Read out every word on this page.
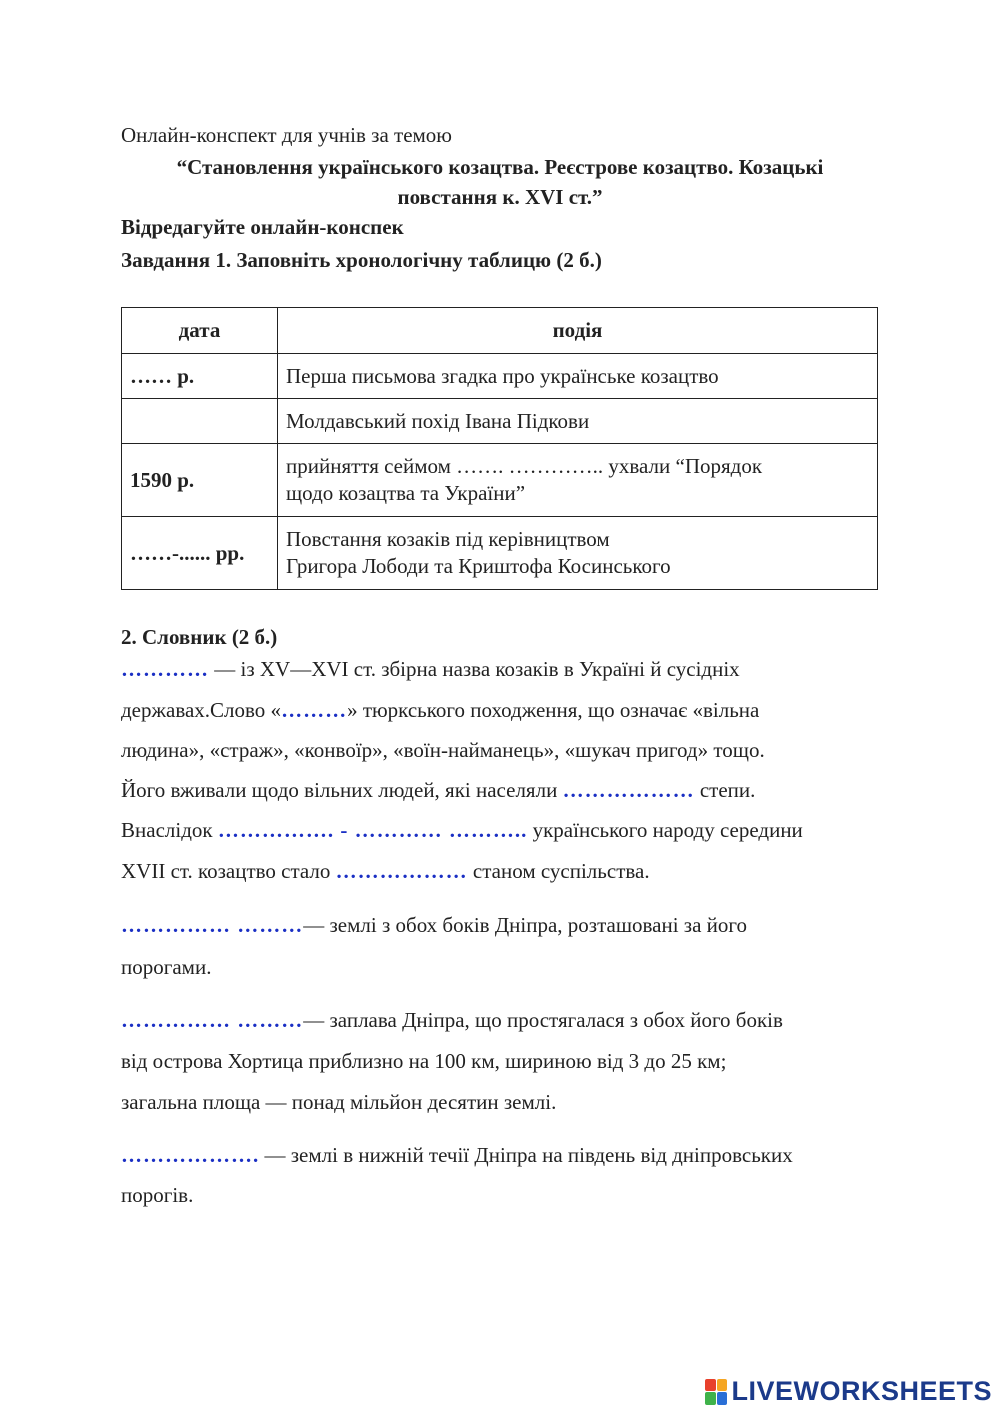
Онлайн-конспект для учнів за темою
“Становлення українського козацтва. Реєстрове козацтво. Козацькі
повстання к. XVI ст.”
Відредагуйте онлайн-конспек
Завдання 1. Заповніть хронологічну таблицю (2 б.)
дата	подія
…… р.	Перша письмова згадка про українське козацтво
	Молдавський похід Івана Підкови
1590 р.	прийняття сеймом ……. ………….. ухвали “Порядок
щодо козацтва та України”

……-...... рр.	Повстання козаків під керівництвом
Григора Лободи та Криштофа Косинського
2. Словник (2 б.)
………… — із XV—XVI ст. збірна назва козаків в Україні й сусідніх
державах.Слово «………» тюркського походження, що означає «вільна
людина», «страж», «конвоїр», «воїн-найманець», «шукач пригод» тощо.
Його вживали щодо вільних людей, які населяли ……………… степи.
Внаслідок ……………. - ………… ……….. українського народу середини
XVII ст. козацтво стало ……………… станом суспільства.
…………… ………— землі з обох боків Дніпра, розташовані за його
порогами.
…………… ………— заплава Дніпра, що простягалася з обох його боків
від острова Хортица приблизно на 100 км, шириною від 3 до 25 км;
загальна площа — понад мільйон десятин землі.
………………. — землі в нижній течії Дніпра на південь від дніпровських
порогів.
LIVEWORKSHEETS
